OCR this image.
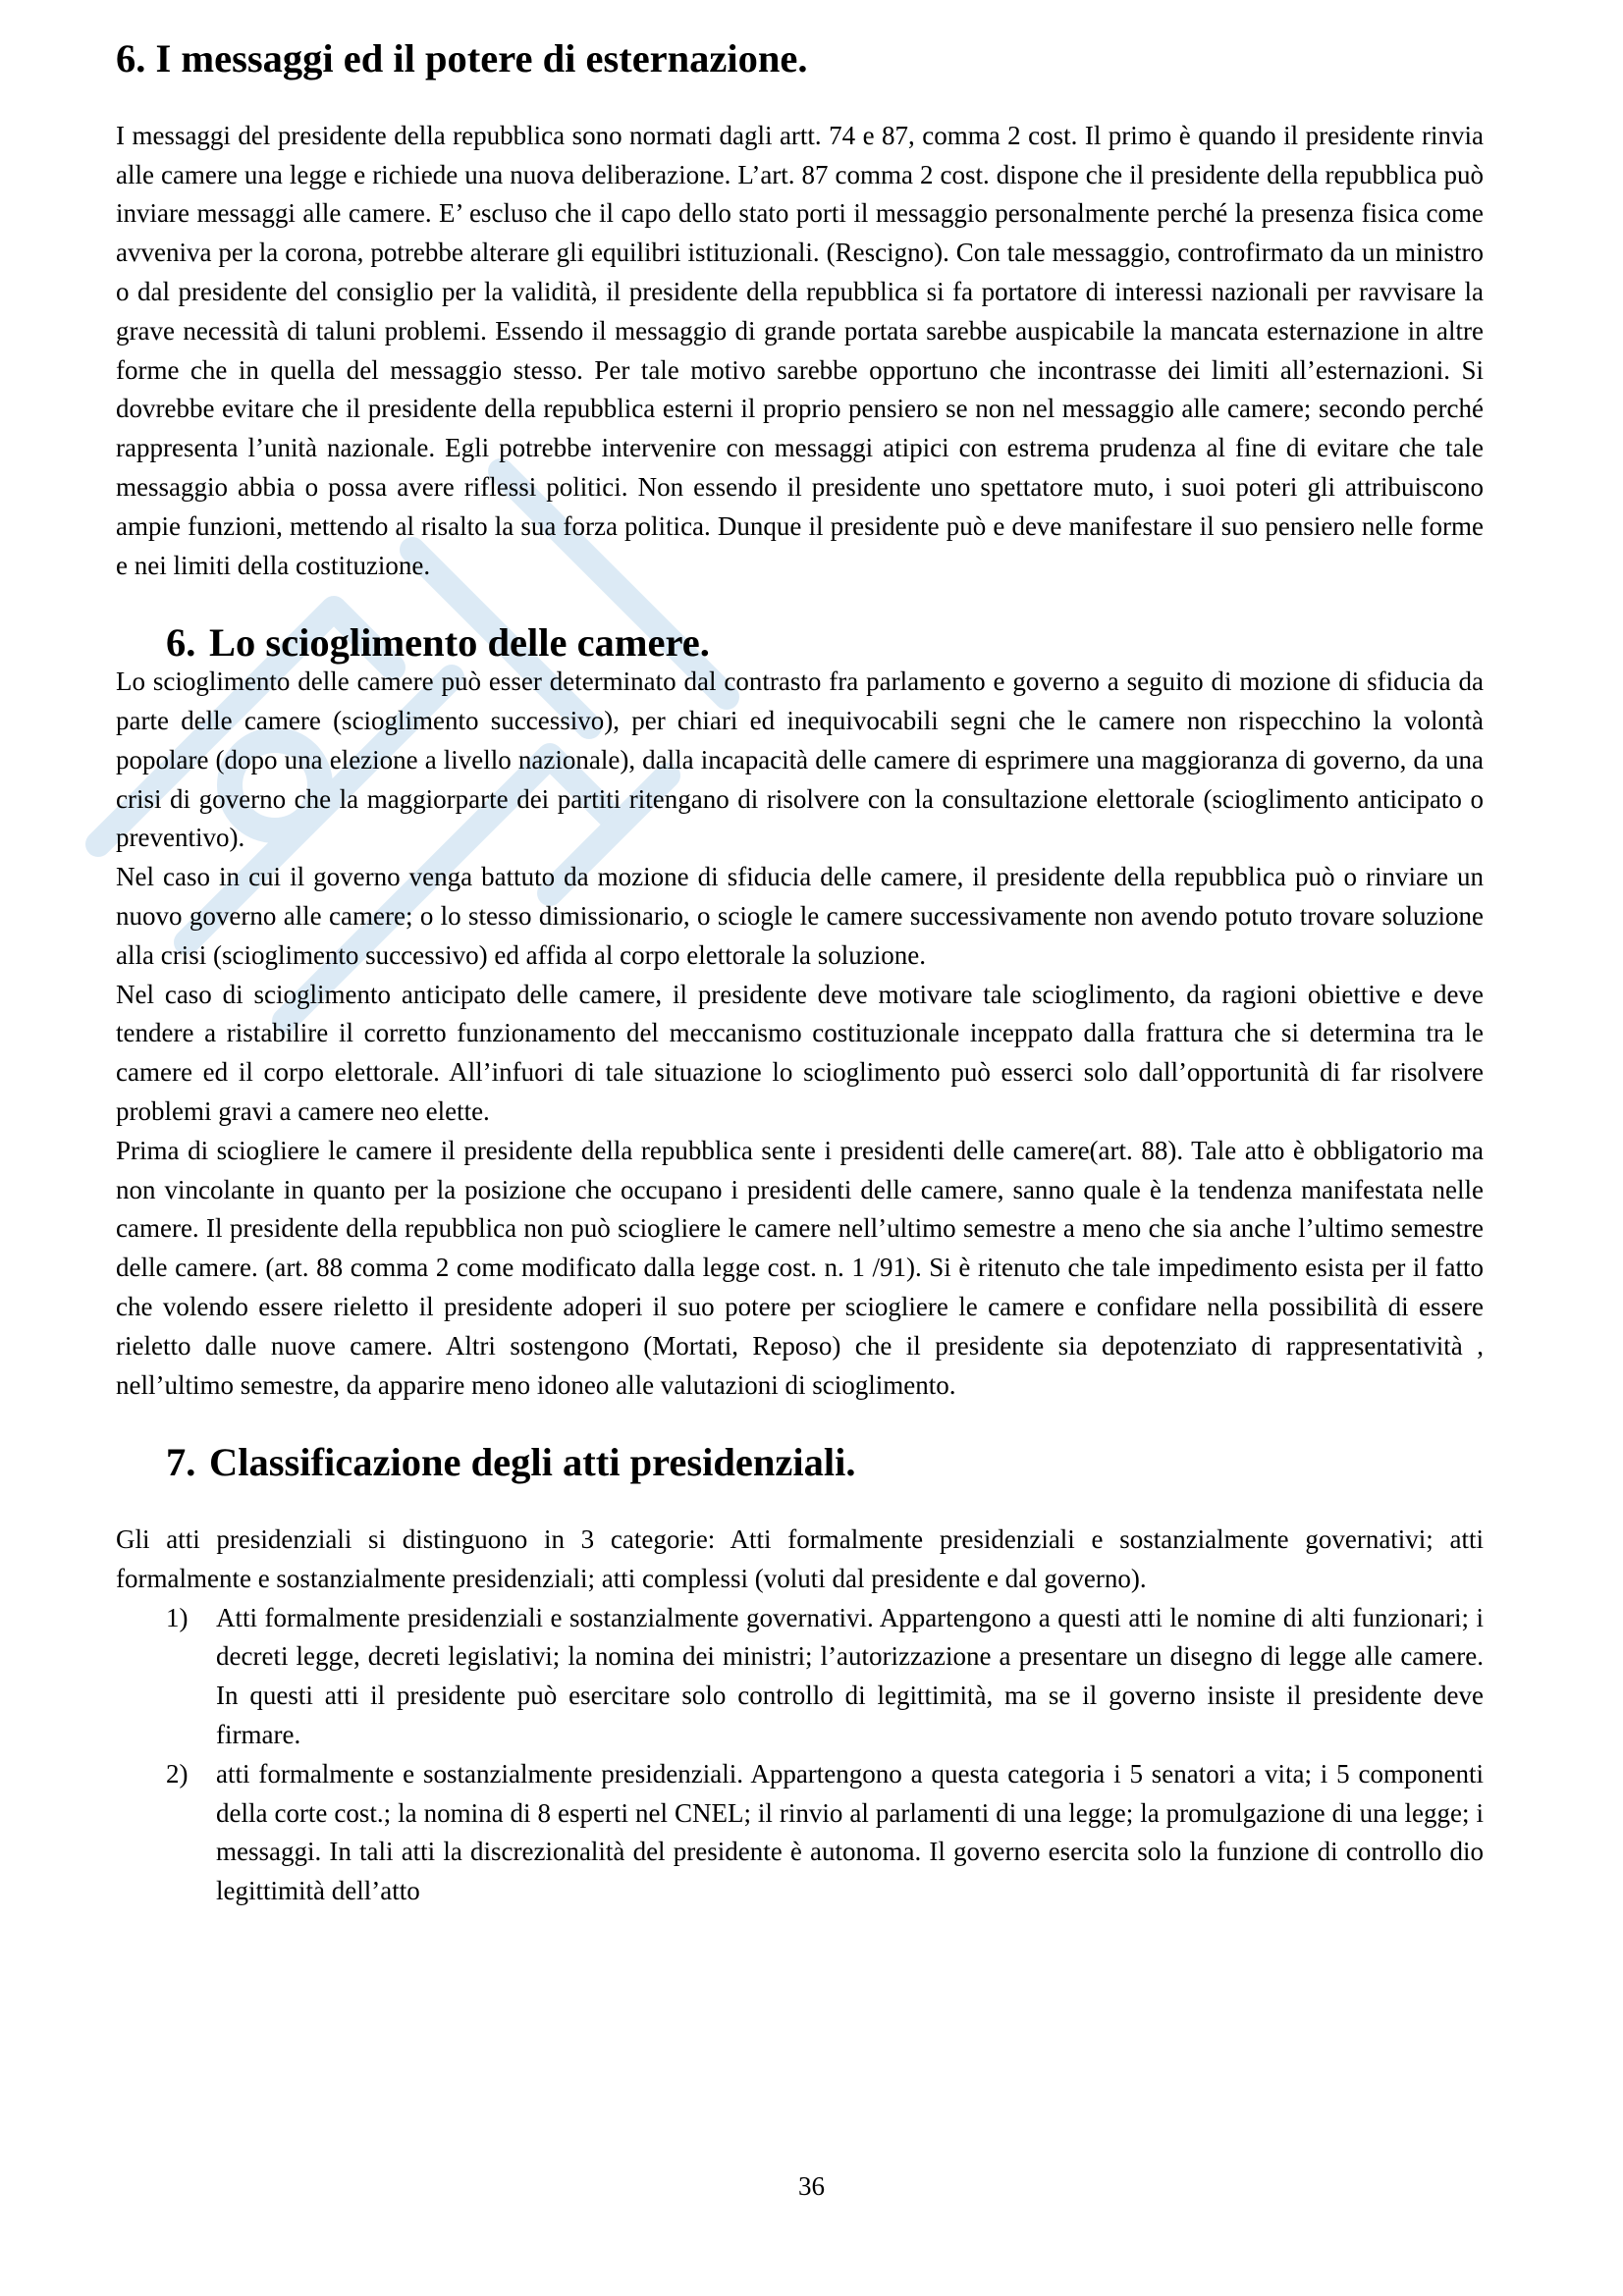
6. I messaggi ed il potere di esternazione.

I messaggi del presidente della repubblica sono normati dagli artt. 74 e 87, comma 2 cost. Il primo è quando il presidente rinvia alle camere una legge e richiede una nuova deliberazione. L’art. 87 comma 2 cost. dispone che il presidente della repubblica può inviare messaggi alle camere. E’ escluso che il capo dello stato porti il messaggio personalmente perché la presenza fisica come avveniva per la corona, potrebbe alterare gli equilibri istituzionali. (Rescigno). Con tale messaggio, controfirmato da un ministro o dal presidente del consiglio per la validità, il presidente della repubblica si fa portatore di interessi nazionali per ravvisare la grave necessità di taluni problemi. Essendo il messaggio di grande portata sarebbe auspicabile la mancata esternazione in altre forme che in quella del messaggio stesso. Per tale motivo sarebbe opportuno che incontrasse dei limiti all’esternazioni. Si dovrebbe evitare che il presidente della repubblica esterni il proprio pensiero se non nel messaggio alle camere; secondo perché rappresenta l’unità nazionale. Egli potrebbe intervenire con messaggi atipici con estrema prudenza al fine di evitare che tale messaggio abbia o possa avere riflessi politici. Non essendo il presidente uno spettatore muto, i suoi poteri gli attribuiscono ampie funzioni, mettendo al risalto la sua forza politica. Dunque il presidente può e deve manifestare il suo pensiero nelle forme e nei limiti della costituzione.

6. Lo scioglimento delle camere.

Lo scioglimento delle camere può esser determinato dal contrasto fra parlamento e governo a seguito di mozione di sfiducia da parte delle camere (scioglimento successivo), per chiari ed inequivocabili segni che le camere non rispecchino la volontà popolare (dopo una elezione a livello nazionale), dalla incapacità delle camere di esprimere una maggioranza di governo, da una crisi di governo che la maggiorparte dei partiti ritengano di risolvere con la consultazione elettorale (scioglimento anticipato o preventivo).

Nel caso in cui il governo venga battuto da mozione di sfiducia delle camere, il presidente della repubblica può o rinviare un nuovo governo alle camere; o lo stesso dimissionario, o sciogle le camere successivamente non avendo potuto trovare soluzione alla crisi (scioglimento successivo) ed affida al corpo elettorale la soluzione.

Nel caso di scioglimento anticipato delle camere, il presidente deve motivare tale scioglimento, da ragioni obiettive e deve tendere a ristabilire il corretto funzionamento del meccanismo costituzionale inceppato dalla frattura che si determina tra le camere ed il corpo elettorale. All’infuori di tale situazione lo scioglimento può esserci solo dall’opportunità di far risolvere problemi gravi a camere neo elette.

Prima di sciogliere le camere il presidente della repubblica sente i presidenti delle camere(art. 88). Tale atto è obbligatorio ma non vincolante in quanto per la posizione che occupano i presidenti delle camere, sanno quale è la tendenza manifestata nelle camere. Il presidente della repubblica non può sciogliere le camere nell’ultimo semestre a meno che sia anche l’ultimo semestre delle camere. (art. 88 comma 2 come modificato dalla legge cost. n. 1 /91). Si è ritenuto che tale impedimento esista per il fatto che volendo essere rieletto il presidente adoperi il suo potere per sciogliere le camere e confidare nella possibilità di essere rieletto dalle nuove camere. Altri sostengono (Mortati, Reposo) che il presidente sia depotenziato di rappresentatività , nell’ultimo semestre, da apparire meno idoneo alle valutazioni di scioglimento.

7. Classificazione degli atti presidenziali.

Gli atti presidenziali si distinguono in 3 categorie: Atti formalmente presidenziali e sostanzialmente governativi; atti formalmente e sostanzialmente presidenziali; atti complessi (voluti dal presidente e dal governo).

1) Atti formalmente presidenziali e sostanzialmente governativi. Appartengono a questi atti le nomine di alti funzionari; i decreti legge, decreti legislativi; la nomina dei ministri; l’autorizzazione a presentare un disegno di legge alle camere. In questi atti il presidente può esercitare solo controllo di legittimità, ma se il governo insiste il presidente deve firmare.
2) atti formalmente e sostanzialmente presidenziali. Appartengono a questa categoria i 5 senatori a vita; i 5 componenti della corte cost.; la nomina di 8 esperti nel CNEL; il rinvio al parlamenti di una legge; la promulgazione di una legge; i messaggi. In tali atti la discrezionalità del presidente è autonoma. Il governo esercita solo la funzione di controllo dio legittimità dell’atto
36
